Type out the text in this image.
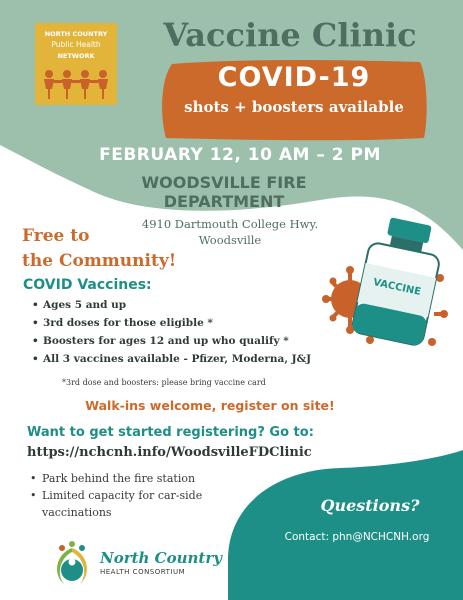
NORTH COUNTRY
Public Health
NETWORK
Vaccine Clinic
COVID-19
shots + boosters available
FEBRUARY 12, 10 AM – 2 PM
WOODSVILLE FIRE DEPARTMENT
4910 Dartmouth College Hwy.
Woodsville
Free to
the Community!
VACCINE
COVID Vaccines:
• Ages 5 and up
• 3rd doses for those eligible *
• Boosters for ages 12 and up who qualify *
• All 3 vaccines available - Pfizer, Moderna, J&J
*3rd dose and boosters: please bring vaccine card
Walk-ins welcome, register on site!
Want to get started registering? Go to:
https://nchcnh.info/WoodsvilleFDClinic
• Park behind the fire station
• Limited capacity for car-side vaccinations	Questions?
Contact: phn@NCHCNH.org
North Country
HEALTH CONSORTIUM
